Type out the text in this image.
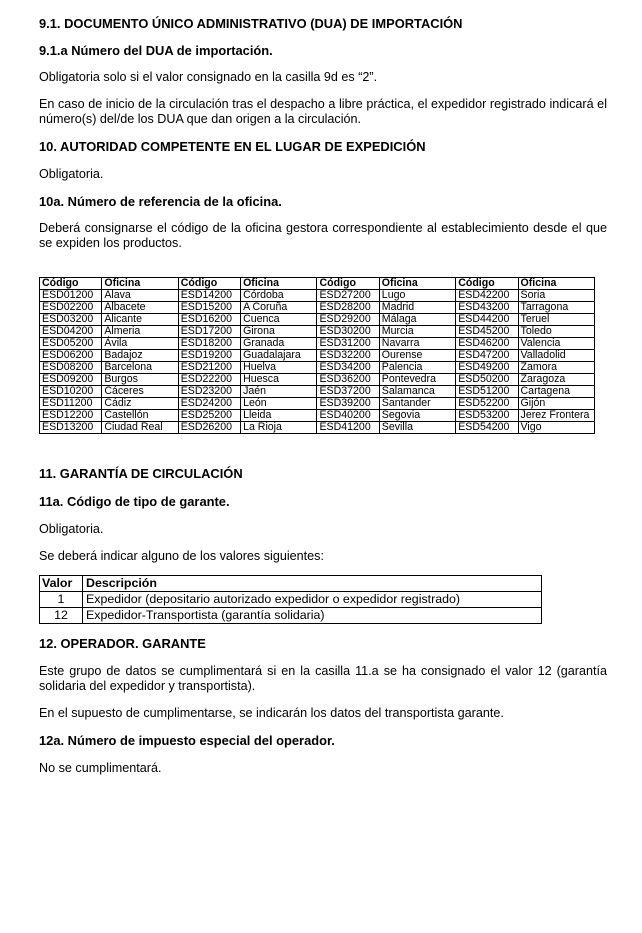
9.1. DOCUMENTO ÚNICO ADMINISTRATIVO (DUA) DE IMPORTACIÓN
9.1.a Número del DUA de importación.

Obligatoria solo si el valor consignado en la casilla 9d es “2”.

En caso de inicio de la circulación tras el despacho a libre práctica, el expedidor registrado indicará el número(s) del/de los DUA que dan origen a la circulación.

10. AUTORIDAD COMPETENTE EN EL LUGAR DE EXPEDICIÓN

Obligatoria.

10a. Número de referencia de la oficina.

Deberá consignarse el código de la oficina gestora correspondiente al establecimiento desde el que se expiden los productos.

Código	Oficina	Código	Oficina	Código	Oficina	Código	Oficina
ESD01200	Alava	ESD14200	Córdoba	ESD27200	Lugo	ESD42200	Soria
ESD02200	Albacete	ESD15200	A Coruña	ESD28200	Madrid	ESD43200	Tarragona
ESD03200	Alicante	ESD16200	Cuenca	ESD29200	Málaga	ESD44200	Teruel
ESD04200	Almeria	ESD17200	Girona	ESD30200	Murcia	ESD45200	Toledo
ESD05200	Ávila	ESD18200	Granada	ESD31200	Navarra	ESD46200	Valencia
ESD06200	Badajoz	ESD19200	Guadalajara	ESD32200	Ourense	ESD47200	Valladolid
ESD08200	Barcelona	ESD21200	Huelva	ESD34200	Palencia	ESD49200	Zamora
ESD09200	Burgos	ESD22200	Huesca	ESD36200	Pontevedra	ESD50200	Zaragoza
ESD10200	Cáceres	ESD23200	Jaén	ESD37200	Salamanca	ESD51200	Cartagena
ESD11200	Cádiz	ESD24200	León	ESD39200	Santander	ESD52200	Gijón
ESD12200	Castellón	ESD25200	Lleida	ESD40200	Segovia	ESD53200	Jerez Frontera
ESD13200	Ciudad Real	ESD26200	La Rioja	ESD41200	Sevilla	ESD54200	Vigo
11. GARANTÍA DE CIRCULACIÓN
11a. Código de tipo de garante.

Obligatoria.

Se deberá indicar alguno de los valores siguientes:

Valor	Descripción
1	Expedidor (depositario autorizado expedidor o expedidor registrado)
12	Expedidor-Transportista (garantía solidaria)
12. OPERADOR. GARANTE

Este grupo de datos se cumplimentará si en la casilla 11.a se ha consignado el valor 12 (garantía solidaria del expedidor y transportista).

En el supuesto de cumplimentarse, se indicarán los datos del transportista garante.

12a. Número de impuesto especial del operador.

No se cumplimentará.
